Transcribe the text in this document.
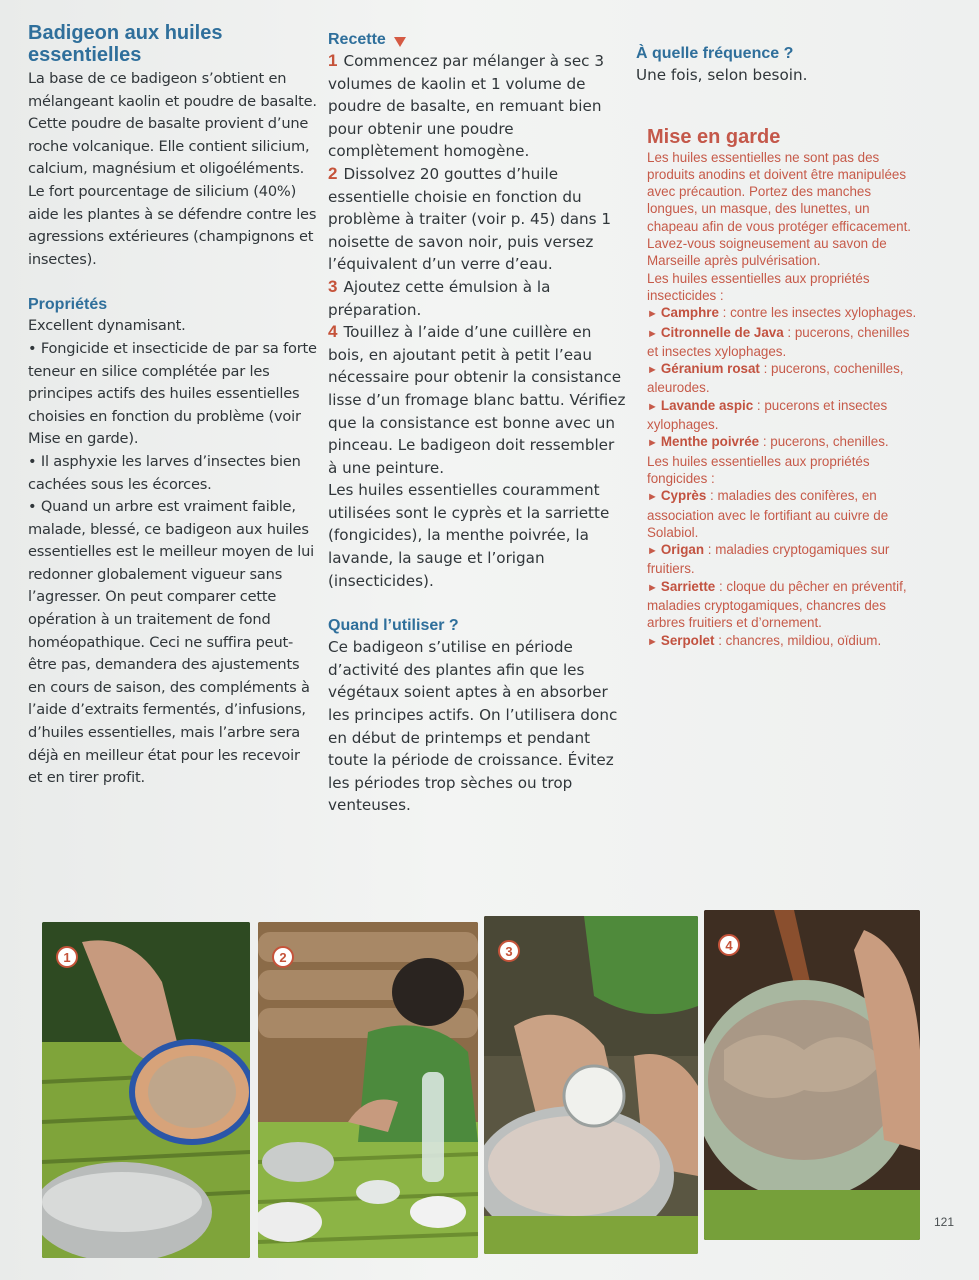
Badigeon aux huiles essentielles

La base de ce badigeon s’obtient en mélangeant kaolin et poudre de basalte.

Cette poudre de basalte provient d’une roche volcanique. Elle contient silicium, calcium, magnésium et oligoéléments. Le fort pourcentage de silicium (40%) aide les plantes à se défendre contre les agressions extérieures (champignons et insectes).

Propriétés

Excellent dynamisant.

• Fongicide et insecticide de par sa forte teneur en silice complétée par les principes actifs des huiles essentielles choisies en fonction du problème (voir Mise en garde).

• Il asphyxie les larves d’insectes bien cachées sous les écorces.

• Quand un arbre est vraiment faible, malade, blessé, ce badigeon aux huiles essentielles est le meilleur moyen de lui redonner globalement vigueur sans l’agresser. On peut comparer cette opération à un traitement de fond homéopathique. Ceci ne suffira peut-être pas, demandera des ajustements en cours de saison, des compléments à l’aide d’extraits fermentés, d’infusions, d’huiles essentielles, mais l’arbre sera déjà en meilleur état pour les recevoir et en tirer profit.

Recette

1 Commencez par mélanger à sec 3 volumes de kaolin et 1 volume de poudre de basalte, en remuant bien pour obtenir une poudre complètement homogène.

2 Dissolvez 20 gouttes d’huile essentielle choisie en fonction du problème à traiter (voir p. 45) dans 1 noisette de savon noir, puis versez l’équivalent d’un verre d’eau.

3 Ajoutez cette émulsion à la préparation.

4 Touillez à l’aide d’une cuillère en bois, en ajoutant petit à petit l’eau nécessaire pour obtenir la consistance lisse d’un fromage blanc battu. Vérifiez que la consistance est bonne avec un pinceau. Le badigeon doit ressembler à une peinture.

Les huiles essentielles couramment utilisées sont le cyprès et la sarriette (fongicides), la menthe poivrée, la lavande, la sauge et l’origan (insecticides).

Quand l’utiliser ?

Ce badigeon s’utilise en période d’activité des plantes afin que les végétaux soient aptes à en absorber les principes actifs. On l’utilisera donc en début de printemps et pendant toute la période de croissance. Évitez les périodes trop sèches ou trop venteuses.

À quelle fréquence ?

Une fois, selon besoin.

Mise en garde

Les huiles essentielles ne sont pas des produits anodins et doivent être manipulées avec précaution. Portez des manches longues, un masque, des lunettes, un chapeau afin de vous protéger efficacement. Lavez-vous soigneusement au savon de Marseille après pulvérisation.

Les huiles essentielles aux propriétés insecticides :

► Camphre : contre les insectes xylophages.

► Citronnelle de Java : pucerons, chenilles et insectes xylophages.

► Géranium rosat : pucerons, cochenilles, aleurodes.

► Lavande aspic : pucerons et insectes xylophages.

► Menthe poivrée : pucerons, chenilles.

Les huiles essentielles aux propriétés fongicides :

► Cyprès : maladies des conifères, en association avec le fortifiant au cuivre de Solabiol.

► Origan : maladies cryptogamiques sur fruitiers.

► Sarriette : cloque du pêcher en préventif, maladies cryptogamiques, chancres des arbres fruitiers et d’ornement.

► Serpolet : chancres, mildiou, oïdium.

1	2	3	4
121
